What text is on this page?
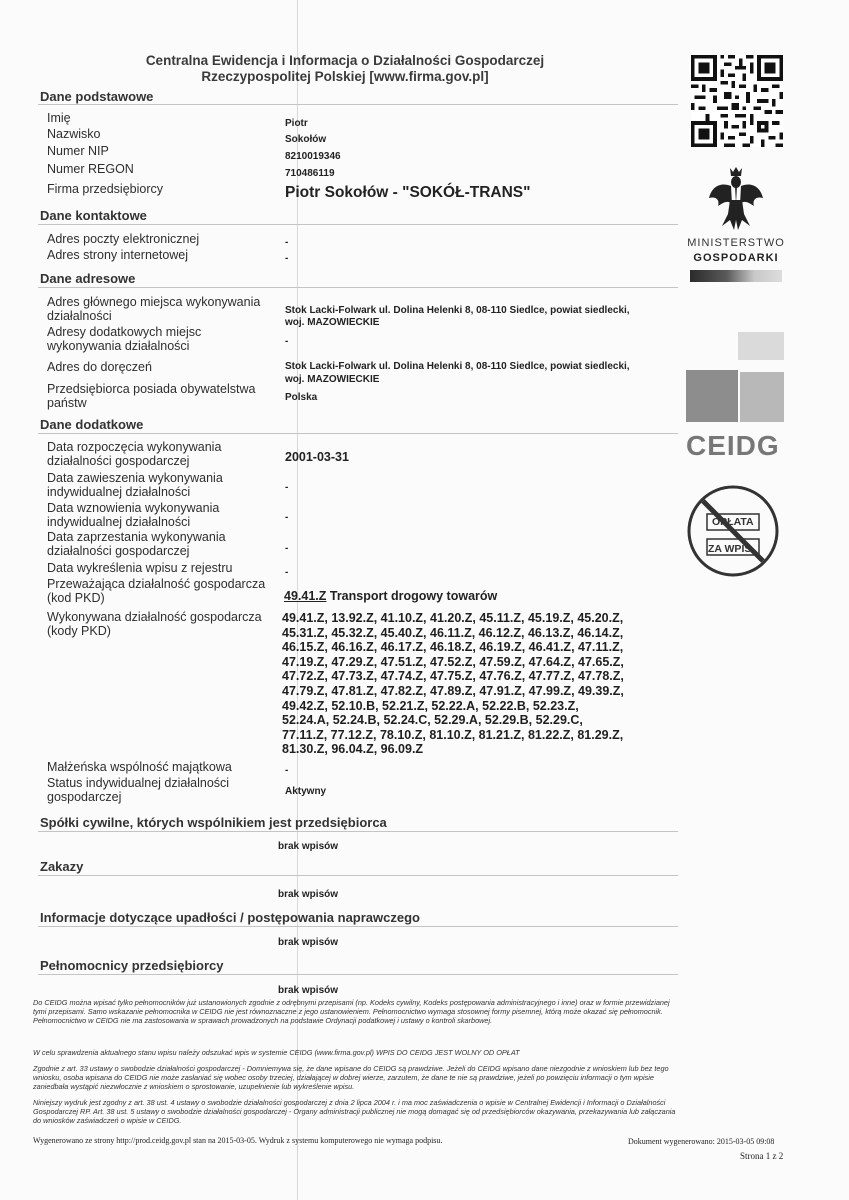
Centralna Ewidencja i Informacja o Działalności Gospodarczej
Rzeczypospolitej Polskiej [www.firma.gov.pl]
Dane podstawowe
Imię	Piotr
Nazwisko	Sokołów
Numer NIP	8210019346
Numer REGON	710486119
Firma przedsiębiorcy	Piotr Sokołów - "SOKÓŁ-TRANS"
Dane kontaktowe
Adres poczty elektronicznej	-
Adres strony internetowej	-
Dane adresowe
Adres głównego miejsca wykonywania
działalności	Stok Lacki-Folwark ul. Dolina Helenki 8, 08-110 Siedlce, powiat siedlecki,
woj. MAZOWIECKIE
Adresy dodatkowych miejsc
wykonywania działalności	-
Adres do doręczeń	Stok Lacki-Folwark ul. Dolina Helenki 8, 08-110 Siedlce, powiat siedlecki,
woj. MAZOWIECKIE
Przedsiębiorca posiada obywatelstwa
państw	Polska
Dane dodatkowe
Data rozpoczęcia wykonywania
działalności gospodarczej	2001-03-31
Data zawieszenia wykonywania
indywidualnej działalności	-
Data wznowienia wykonywania
indywidualnej działalności	-
Data zaprzestania wykonywania
działalności gospodarczej	-
Data wykreślenia wpisu z rejestru	-
Przeważająca działalność gospodarcza
(kod PKD)	49.41.Z Transport drogowy towarów
Wykonywana działalność gospodarcza
(kody PKD)
49.41.Z, 13.92.Z, 41.10.Z, 41.20.Z, 45.11.Z, 45.19.Z, 45.20.Z, 45.31.Z, 45.32.Z, 45.40.Z, 46.11.Z, 46.12.Z, 46.13.Z, 46.14.Z, 46.15.Z, 46.16.Z, 46.17.Z, 46.18.Z, 46.19.Z, 46.41.Z, 47.11.Z, 47.19.Z, 47.29.Z, 47.51.Z, 47.52.Z, 47.59.Z, 47.64.Z, 47.65.Z, 47.72.Z, 47.73.Z, 47.74.Z, 47.75.Z, 47.76.Z, 47.77.Z, 47.78.Z, 47.79.Z, 47.81.Z, 47.82.Z, 47.89.Z, 47.91.Z, 47.99.Z, 49.39.Z, 49.42.Z, 52.10.B, 52.21.Z, 52.22.A, 52.22.B, 52.23.Z, 52.24.A, 52.24.B, 52.24.C, 52.29.A, 52.29.B, 52.29.C, 77.11.Z, 77.12.Z, 78.10.Z, 81.10.Z, 81.21.Z, 81.22.Z, 81.29.Z, 81.30.Z, 96.04.Z, 96.09.Z
Małżeńska wspólność majątkowa	-
Status indywidualnej działalności
gospodarczej	Aktywny
Spółki cywilne, których wspólnikiem jest przedsiębiorca
brak wpisów
Zakazy
brak wpisów
Informacje dotyczące upadłości / postępowania naprawczego
brak wpisów
Pełnomocnicy przedsiębiorcy
brak wpisów
Do CEIDG można wpisać tylko pełnomocników już ustanowionych zgodnie z odrębnymi przepisami (np. Kodeks cywilny, Kodeks postępowania administracyjnego i inne) oraz w formie przewidzianej tymi przepisami. Samo wskazanie pełnomocnika w CEIDG nie jest równoznaczne z jego ustanowieniem. Pełnomocnictwo wymaga stosownej formy pisemnej, którą może okazać się pełnomocnik. Pełnomocnictwo w CEIDG nie ma zastosowania w sprawach prowadzonych na podstawie Ordynacji podatkowej i ustawy o kontroli skarbowej.
W celu sprawdzenia aktualnego stanu wpisu należy odszukać wpis w systemie CEIDG (www.firma.gov.pl) WPIS DO CEIDG JEST WOLNY OD OPŁAT
Zgodnie z art. 33 ustawy o swobodzie działalności gospodarczej - Domniemywa się, że dane wpisane do CEIDG są prawdziwe. Jeżeli do CEIDG wpisano dane niezgodnie z wnioskiem lub bez tego wniosku, osoba wpisana do CEIDG nie może zasłaniać się wobec osoby trzeciej, działającej w dobrej wierze, zarzutem, że dane te nie są prawdziwe, jeżeli po powzięciu informacji o tym wpisie zaniedbała wystąpić niezwłocznie z wnioskiem o sprostowanie, uzupełnienie lub wykreślenie wpisu.
Niniejszy wydruk jest zgodny z art. 38 ust. 4 ustawy o swobodzie działalności gospodarczej z dnia 2 lipca 2004 r. i ma moc zaświadczenia o wpisie w Centralnej Ewidencji i Informacji o Działalności Gospodarczej RP. Art. 38 ust. 5 ustawy o swobodzie działalności gospodarczej - Organy administracji publicznej nie mogą domagać się od przedsiębiorców okazywania, przekazywania lub załączania do wniosków zaświadczeń o wpisie w CEIDG.
Wygenerowano ze strony http://prod.ceidg.gov.pl stan na 2015-03-05. Wydruk z systemu komputerowego nie wymaga podpisu.	Dokument wygenerowano: 2015-03-05 09:08
Strona 1 z 2
MINISTERSTWO
GOSPODARKI
CEIDG
OPŁATA
ZA WPIS
